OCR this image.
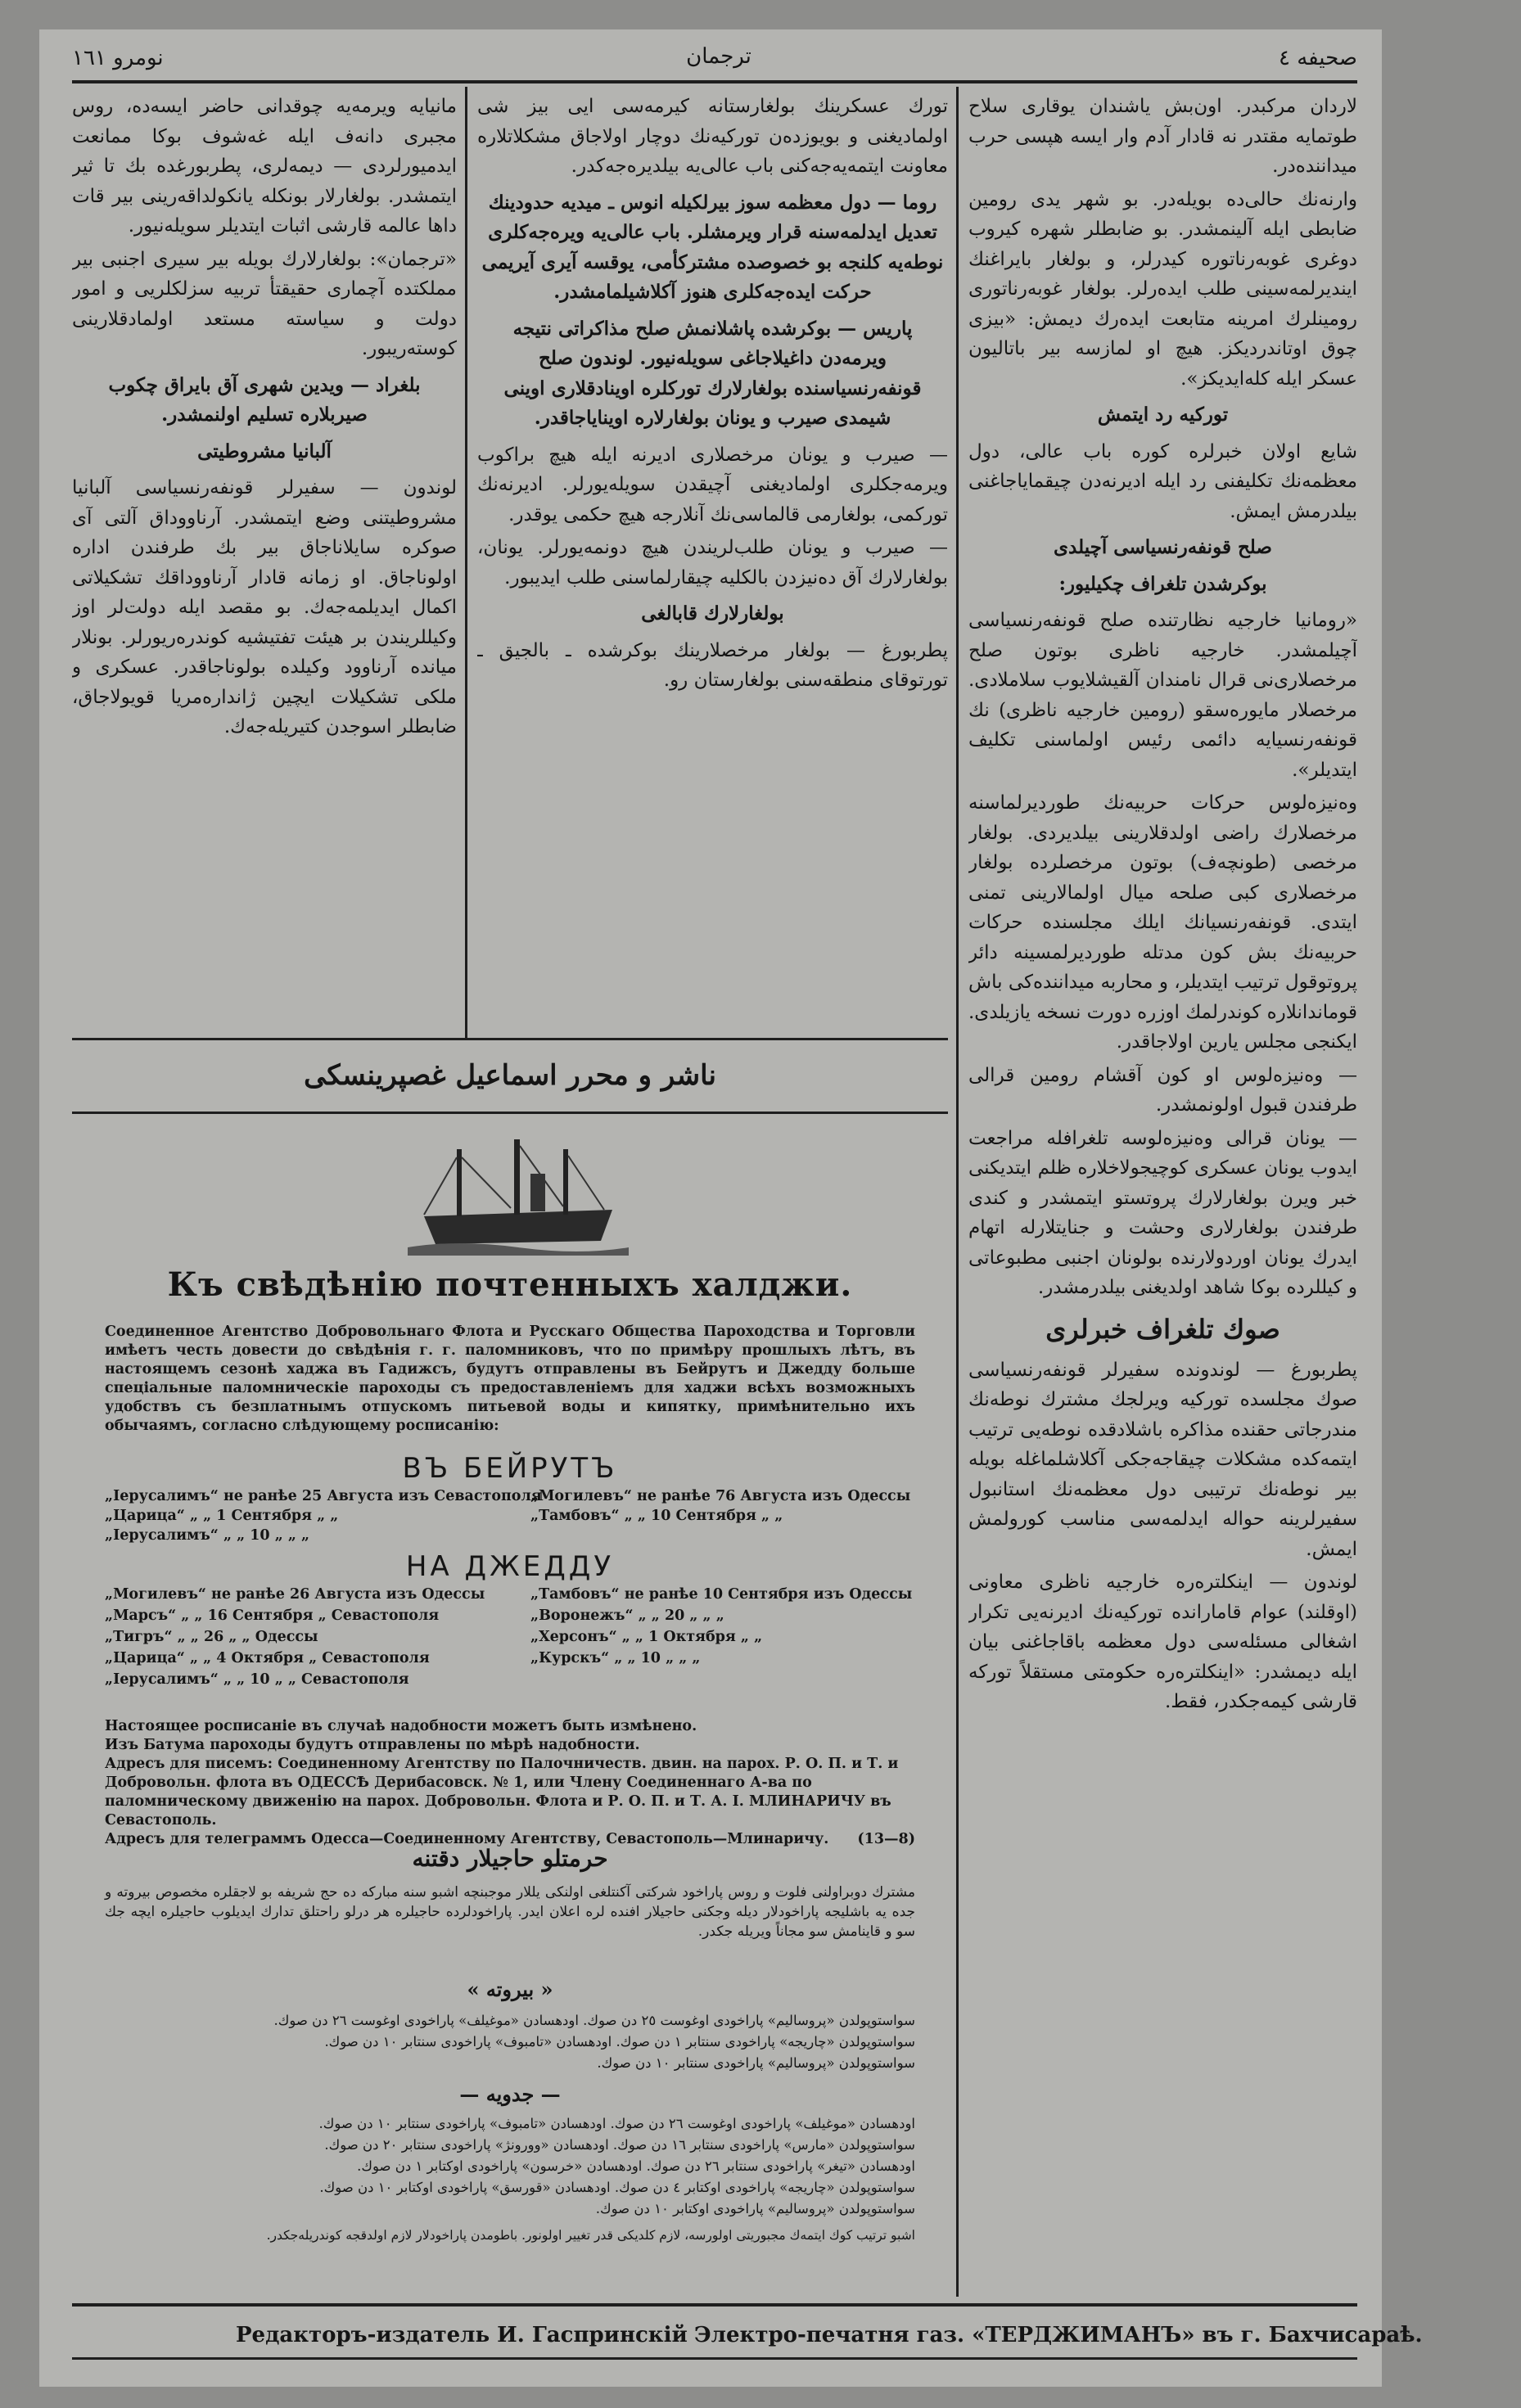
نومرو ١٦١	ترجمان	صحیفه ٤

لاردان مرکبدر. اون‌بش یاشندان یوقاری سلاح طوتمایه مقتدر نه قادار آدم وار ایسه هپسی حرب میداننده‌در.

وارنه‌نك حالی‌ده بویله‌در. بو شهر یدی رومین ضابطی ایله آلینمشدر. بو ضابطلر شهره کیروب دوغری غوبه‌رناتوره کیدرلر، و بولغار بایراغنك ایندیرلمه‌سینی طلب ایده‌رلر. بولغار غوبه‌رناتوری رومینلرك امرینه متابعت ایده‌رك دیمش: «بیزی چوق اوتاندردیکز. هیچ او لمازسه بیر باتالیون عسکر ایله کله‌ایدیکز».

تورکیه رد ایتمش

شایع اولان خبرلره کوره باب عالی، دول معظمه‌نك تکلیفنی رد ایله ادیرنه‌دن چیقمایاجاغنی بیلدرمش ایمش.

صلح قونفه‌رنسیاسی آچیلدی

بوکرشدن تلغراف چکیلیور:

«رومانیا خارجیه نظارتنده صلح قونفه‌رنسیاسی آچیلمشدر. خارجیه ناظری بوتون صلح مرخصلاری‌نی قرال نامندان آلقیشلایوب سلاملادی. مرخصلار مایوره‌سقو (رومین خارجیه ناظری) نك قونفه‌رنسیایه دائمی رئیس اولماسنی تکلیف ایتدیلر».

وه‌نیزه‌لوس حرکات حربیه‌نك طوردیرلماسنه مرخصلارك راضی اولدقلارینی بیلدیردی. بولغار مرخصی (طونچه‌ف) بوتون مرخصلرده بولغار مرخصلاری کبی صلحه میال اولمالارینی تمنی ایتدی. قونفه‌رنسیانك ایلك مجلسنده حرکات حربیه‌نك بش کون مدتله طوردیرلمسینه دائر پروتوقول ترتیب ایتدیلر، و محاربه میداننده‌کی باش قوماندانلاره کوندرلمك اوزره دورت نسخه یازیلدی. ایکنجی مجلس یارین اولاجاقدر.

— وه‌نیزه‌لوس او کون آقشام رومین قرالی طرفندن قبول اولونمشدر.

— یونان قرالی وه‌نیزه‌لوسه تلغرافله مراجعت ایدوب یونان عسکری کوچیجولاخلاره ظلم ایتدیکنی خبر ویرن بولغارلارك پروتستو ایتمشدر و کندی طرفندن بولغارلاری وحشت و جنایتلارله اتهام ایدرك یونان اوردولارنده بولونان اجنبی مطبوعاتی و کیللرده بوکا شاهد اولدیغنی بیلدرمشدر.

صوك تلغراف خبرلری

پطربورغ — لوندونده سفیرلر قونفه‌رنسیاسی صوك مجلسده تورکیه ویرلجك مشترك نوطه‌نك مندرجاتی حقنده مذاکره باشلادقده نوطه‌یی ترتیب ایتمه‌کده مشکلات چیقاجه‌جکی آکلاشلماغله بویله بیر نوطه‌نك ترتیبی دول معظمه‌نك استانبول سفیرلرینه حواله ایدلمه‌سی مناسب کورولمش ایمش.

لوندون — اینکلتره‌ره خارجیه ناظری معاونی (اوقلند) عوام قامارانده تورکیه‌نك ادیرنه‌یی تکرار اشغالی مسئله‌سی دول معظمه باقاجاغنی بیان ایله دیمشدر: «اینکلتره‌ره حکومتی مستقلاً تورکه قارشی کیمه‌جکدر، فقط.

تورك عسکرینك بولغارستانه کیرمه‌سی ایی بیز شی اولمادیغنی و بویوزده‌ن تورکیه‌نك دوچار اولاجاق مشکلاتلاره معاونت ایتمه‌یه‌جه‌کنی باب عالی‌یه بیلدیره‌جه‌کدر.

روما — دول معظمه سوز بیرلکیله انوس ـ میدیه حدودینك تعدیل ایدلمه‌سنه قرار ویرمشلر. باب عالی‌یه ویره‌جه‌کلری نوطه‌یه کلنجه بو خصوصده مشترکأمی، یوقسه آیری آیریمی حرکت ایده‌جه‌کلری هنوز آکلاشیلمامشدر.

پاریس — بوکرشده پاشلانمش صلح مذاکراتی نتیجه ویرمه‌دن داغیلاجاغی سویله‌نیور. لوندون صلح قونفه‌رنسیاسنده بولغارلارك تورکلره اوینادقلاری اوینی شیمدی صیرب و یونان بولغارلاره اوینایاجاقدر.

— صیرب و یونان مرخصلاری ادیرنه ایله هیچ براکوب ویرمه‌جکلری اولمادیغنی آچیقدن سویله‌یورلر. ادیرنه‌نك تورکمی، بولغارمی قالماسی‌نك آنلارجه هیچ حکمی یوقدر.

— صیرب و یونان طلب‌لریندن هیچ دونمه‌یورلر. یونان، بولغارلارك آق ده‌نیزدن بالکلیه چیقارلماسنی طلب ایدیبور.

بولغارلارك قابالغی

پطربورغ — بولغار مرخصلارینك بوکرشده ـ بالجیق ـ تورتوقای منطقه‌سنی بولغارستان رو.

مانیایه ویرمه‌یه چوقدانی حاضر ایسه‌ده، روس مجبری دانه‌ف ایله غه‌شوف بوکا ممانعت ایدمیورلردی — دیمه‌لری، پطربورغده بك تا ثیر ایتمشدر. بولغارلار بونکله یانکولداقه‌رینی بیر قات داها عالمه قارشی اثبات ایتدیلر سویله‌نیور.

«ترجمان»: بولغارلارك بویله بیر سیری اجنبی بیر مملکتده آچماری حقیقتأ تربیه سزلکلریی و امور دولت و سیاسته مستعد اولمادقلارینی کوسته‌ریبور.

بلغراد — ویدین شهری آق بایراق چکوب صیربلاره تسلیم اولنمشدر.

آلبانیا مشروطیتی

لوندون — سفیرلر قونفه‌رنسیاسی آلبانیا مشروطیتنی وضع ایتمشدر. آرناووداق آلتی آی صوکره سایلاناجاق بیر بك طرفندن اداره اولوناجاق. او زمانه قادار آرناووداقك تشکیلاتی اکمال ایدیلمه‌جه‌ك. بو مقصد ایله دولت‌لر اوز وکیللریندن بر هیئت تفتیشیه کوندره‌ریورلر. بونلار میانده آرناوود وکیلده بولوناجاقدر. عسکری و ملکی تشکیلات ایچین ژانداره‌مریا قویولاجاق، ضابطلر اسوجدن کتیریله‌جه‌ك.

ناشر و محرر اسماعیل غصپرینسکی
Къ свѣдѣнію почтенныхъ халджи.
Соединенное Агентство Добровольнаго Флота и Русскаго Общества Пароходства и Торговли имѣетъ честь довести до свѣдѣнія г. г. паломниковъ, что по примѣру прошлыхъ лѣтъ, въ настоящемъ сезонѣ хаджа въ Гадижсъ, будутъ отправлены въ Бейрутъ и Джедду больше спеціальные паломническіе пароходы съ предоставленіемъ для хаджи всѣхъ возможныхъ удобствъ съ безплатнымъ отпускомъ питьевой воды и кипятку, примѣнительно ихъ обычаямъ, согласно слѣдующему росписанію:
ВЪ БЕЙРУТЪ
„Iерусалимъ“ не ранѣе 25 Августа изъ Севастополя
„Царица“ „ „ 1 Сентября „ „
„Iерусалимъ“ „ „ 10 „ „ „
„Могилевъ“ не ранѣе 76 Августа изъ Одессы
„Тамбовъ“ „ „ 10 Сентября „ „
НА ДЖЕДДУ
„Могилевъ“ не ранѣе 26 Августа изъ Одессы
„Марсъ“ „ „ 16 Сентября „ Севастополя
„Тигръ“ „ „ 26 „ „ Одессы
„Царица“ „ „ 4 Октября „ Севастополя
„Iерусалимъ“ „ „ 10 „ „ Севастополя
„Тамбовъ“ не ранѣе 10 Сентября изъ Одессы
„Воронежъ“ „ „ 20 „ „ „
„Херсонъ“ „ „ 1 Октября „ „
„Курскъ“ „ „ 10 „ „ „

Настоящее росписаніе въ случаѣ надобности можетъ быть измѣнено.

Изъ Батума пароходы будутъ отправлены по мѣрѣ надобности.

Адресъ для писемъ: Соединенному Агентству по Палочничеств. двин. на парох. Р. О. П. и Т. и Добровольн. флота въ ОДЕССѢ Дерибасовск. № 1, или Члену Соединеннаго А-ва по паломническому движенію на парох. Добровольн. Флота и Р. О. П. и Т. А. I. МЛИНАРИЧУ въ Севастополь.

Адресъ для телеграммъ Одесса—Соединенному Агентству, Севастополь—Млинаричу. (13—8)

حرمتلو حاجیلار دقتنه
مشترك دوبراولنی فلوت و روس پاراخود شرکتی آکنتلغی اولنکی یللار موجبنچه اشبو سنه مبارکه ده حج شریفه بو لاجقلره مخصوص بیروته و جده یه باشلیجه پاراخودلار دیله وجکنی حاجیلار افنده لره اعلان ایدر. پاراخودلرده حاجیلره هر درلو راحتلق تدارك ایدیلوب حاجیلره ایچه جك سو و قاینامش سو مجاناً ویریله جکدر.
« بیروته »
سواستوپولدن «پروسالیم» پاراخودی اوغوست ٢٥ دن صوك. اودهسادن «موغیلف» پاراخودی اوغوست ٢٦ دن صوك.
سواستوپولدن «چاریجه» پاراخودی سنتابر ١ دن صوك. اودهسادن «تامبوف» پاراخودی سنتابر ١٠ دن صوك.
سواستوپولدن «پروسالیم» پاراخودی سنتابر ١٠ دن صوك.
— جدویه —
اودهسادن «موغیلف» پاراخودی اوغوست ٢٦ دن صوك. اودهسادن «تامبوف» پاراخودی سنتابر ١٠ دن صوك.
سواستوپولدن «مارس» پاراخودی سنتابر ١٦ دن صوك. اودهسادن «وورونژ» پاراخودی سنتابر ٢٠ دن صوك.
اودهسادن «تیغر» پاراخودی سنتابر ٢٦ دن صوك. اودهسادن «خرسون» پاراخودی اوکتابر ١ دن صوك.
سواستوپولدن «چاریجه» پاراخودی اوکتابر ٤ دن صوك. اودهسادن «قورسق» پاراخودی اوکتابر ١٠ دن صوك.
سواستوپولدن «پروسالیم» پاراخودی اوکتابر ١٠ دن صوك.
اشبو ترتیب کوك ایتمه‌ك مجبوریتی اولورسه، لازم کلدیکی قدر تغییر اولونور. باطومدن پاراخودلار لازم اولدقجه کوندریله‌جکدر.
Редакторъ-издатель И. Гаспринскій Электро-печатня газ. «ТЕРДЖИМАНЪ» въ г. Бахчисараѣ.
